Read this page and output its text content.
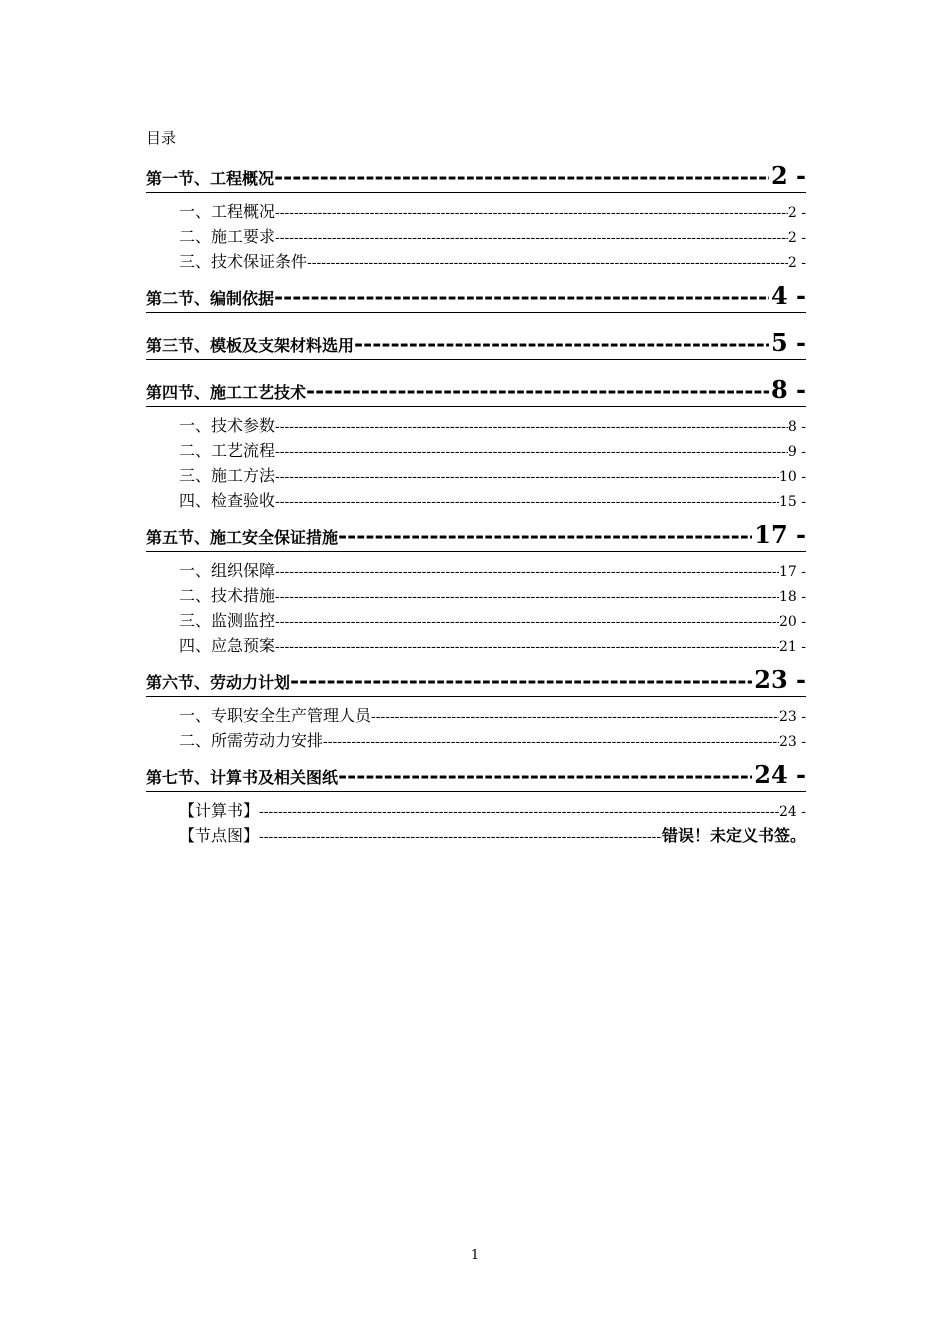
目录
第一节、工程概况 -----	2 -
一、工程概况 -----	2 -
二、施工要求 -----	2 -
三、技术保证条件 -----	2 -
第二节、编制依据 -----	4 -
第三节、模板及支架材料选用 -----	5 -
第四节、施工工艺技术 -----	8 -
一、技术参数 -----	8 -
二、工艺流程 -----	9 -
三、施工方法 -----	10 -
四、检查验收 -----	15 -
第五节、施工安全保证措施 -----	17 -
一、组织保障 -----	17 -
二、技术措施 -----	18 -
三、监测监控 -----	20 -
四、应急预案 -----	21 -
第六节、劳动力计划 -----	23 -
一、专职安全生产管理人员 -----	23 -
二、所需劳动力安排 -----	23 -
第七节、计算书及相关图纸 -----	24 -
【计算书】 -----	24 -
【节点图】 -----	错误！未定义书签。
1
